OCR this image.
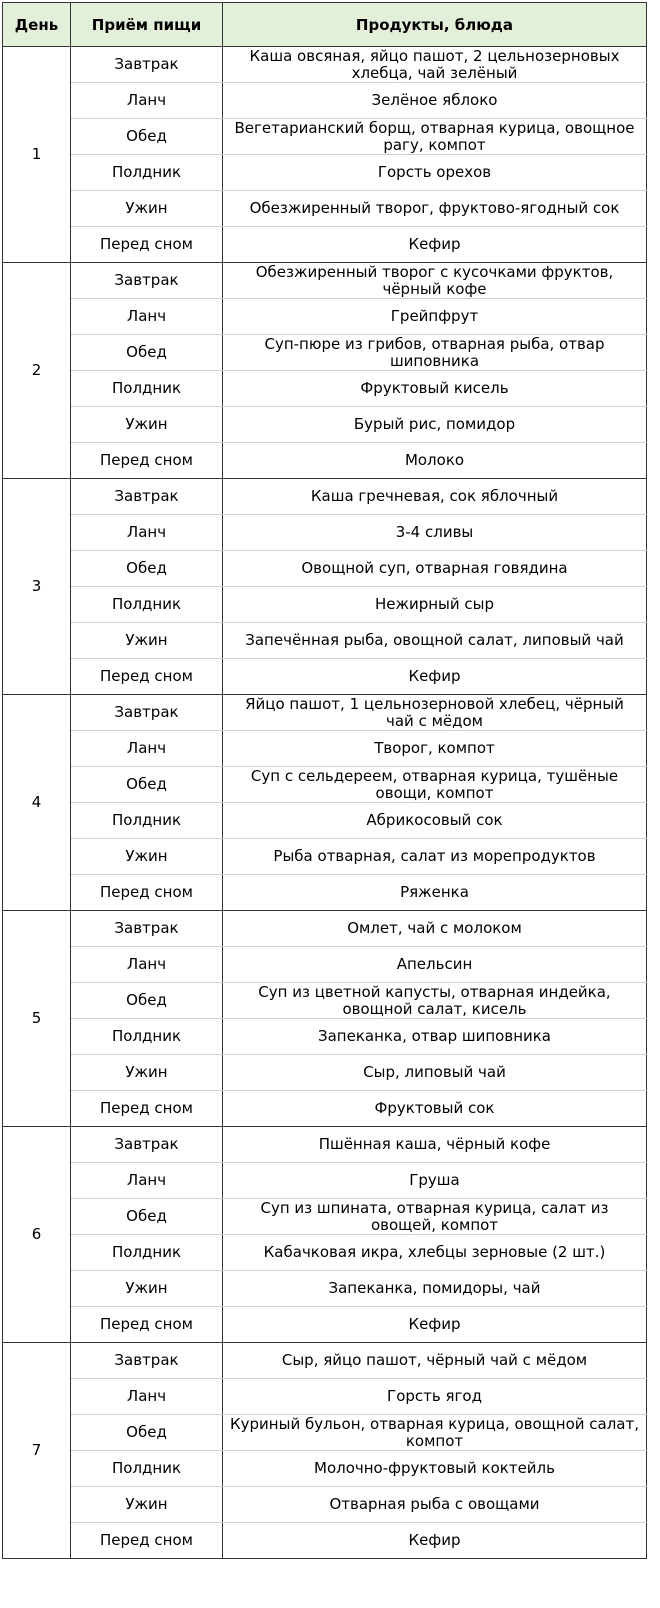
День	Приём пищи	Продукты, блюда
1	Завтрак	Каша овсяная, яйцо пашот, 2 цельнозерновых хлебца, чай зелёный
	Ланч	Зелёное яблоко
	Обед	Вегетарианский борщ, отварная курица, овощное рагу, компот
	Полдник	Горсть орехов
	Ужин	Обезжиренный творог, фруктово-ягодный сок
	Перед сном	Кефир
2	Завтрак	Обезжиренный творог с кусочками фруктов, чёрный кофе
	Ланч	Грейпфрут
	Обед	Суп-пюре из грибов, отварная рыба, отвар шиповника
	Полдник	Фруктовый кисель
	Ужин	Бурый рис, помидор
	Перед сном	Молоко
3	Завтрак	Каша гречневая, сок яблочный
	Ланч	3-4 сливы
	Обед	Овощной суп, отварная говядина
	Полдник	Нежирный сыр
	Ужин	Запечённая рыба, овощной салат, липовый чай
	Перед сном	Кефир
4	Завтрак	Яйцо пашот, 1 цельнозерновой хлебец, чёрный чай с мёдом
	Ланч	Творог, компот
	Обед	Суп с сельдереем, отварная курица, тушёные овощи, компот
	Полдник	Абрикосовый сок
	Ужин	Рыба отварная, салат из морепродуктов
	Перед сном	Ряженка
5	Завтрак	Омлет, чай с молоком
	Ланч	Апельсин
	Обед	Суп из цветной капусты, отварная индейка, овощной салат, кисель
	Полдник	Запеканка, отвар шиповника
	Ужин	Сыр, липовый чай
	Перед сном	Фруктовый сок
6	Завтрак	Пшённая каша, чёрный кофе
	Ланч	Груша
	Обед	Суп из шпината, отварная курица, салат из овощей, компот
	Полдник	Кабачковая икра, хлебцы зерновые (2 шт.)
	Ужин	Запеканка, помидоры, чай
	Перед сном	Кефир
7	Завтрак	Сыр, яйцо пашот, чёрный чай с мёдом
	Ланч	Горсть ягод
	Обед	Куриный бульон, отварная курица, овощной салат, компот
	Полдник	Молочно-фруктовый коктейль
	Ужин	Отварная рыба с овощами
	Перед сном	Кефир
